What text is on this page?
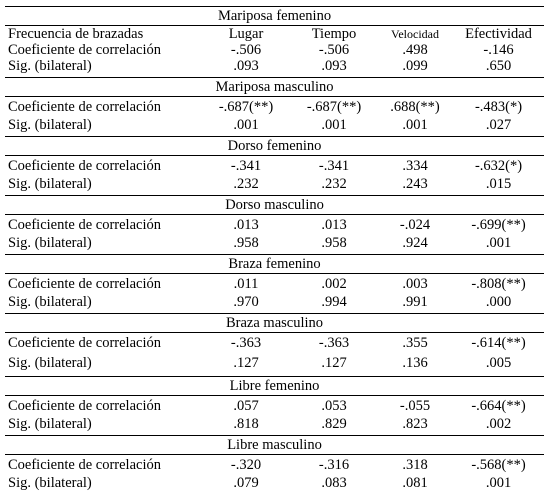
Mariposa femenino				
Frecuencia de brazadas	Lugar	Tiempo	Velocidad	Efectividad
Coeficiente de correlación	-.506	-.506	.498	-.146
Sig. (bilateral)	.093	.093	.099	.650
Mariposa masculino				
Coeficiente de correlación	-.687(**)	-.687(**)	.688(**)	-.483(*)
Sig. (bilateral)	.001	.001	.001	.027
Dorso femenino				
Coeficiente de correlación	-.341	-.341	.334	-.632(*)
Sig. (bilateral)	.232	.232	.243	.015
Dorso masculino				
Coeficiente de correlación	.013	.013	-.024	-.699(**)
Sig. (bilateral)	.958	.958	.924	.001
Braza femenino				
Coeficiente de correlación	.011	.002	.003	-.808(**)
Sig. (bilateral)	.970	.994	.991	.000
Braza masculino				
Coeficiente de correlación	-.363	-.363	.355	-.614(**)
Sig. (bilateral)	.127	.127	.136	.005
Libre femenino				
Coeficiente de correlación	.057	.053	-.055	-.664(**)
Sig. (bilateral)	.818	.829	.823	.002
Libre masculino				
Coeficiente de correlación	-.320	-.316	.318	-.568(**)
Sig. (bilateral)	.079	.083	.081	.001
